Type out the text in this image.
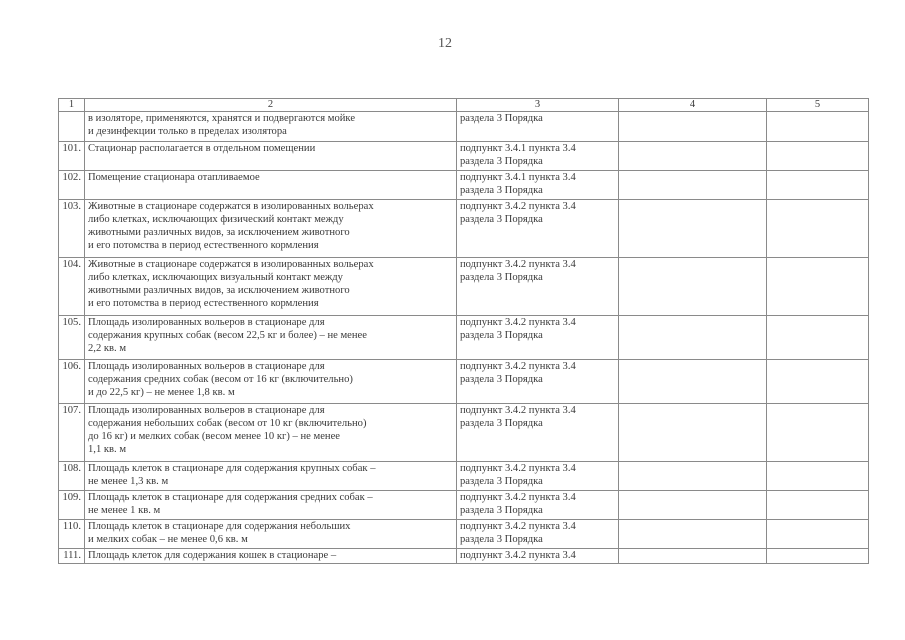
12
1	2	3	4	5
	в изоляторе, применяются, хранятся и подвергаются мойке
и дезинфекции только в пределах изолятора	раздела 3 Порядка		
101.	Стационар располагается в отдельном помещении	подпункт 3.4.1 пункта 3.4
раздела 3 Порядка		
102.	Помещение стационара отапливаемое	подпункт 3.4.1 пункта 3.4
раздела 3 Порядка		
103.	Животные в стационаре содержатся в изолированных вольерах
либо клетках, исключающих физический контакт между
животными различных видов, за исключением животного
и его потомства в период естественного кормления	подпункт 3.4.2 пункта 3.4
раздела 3 Порядка		
104.	Животные в стационаре содержатся в изолированных вольерах
либо клетках, исключающих визуальный контакт между
животными различных видов, за исключением животного
и его потомства в период естественного кормления	подпункт 3.4.2 пункта 3.4
раздела 3 Порядка		
105.	Площадь изолированных вольеров в стационаре для
содержания крупных собак (весом 22,5 кг и более) – не менее
2,2 кв. м	подпункт 3.4.2 пункта 3.4
раздела 3 Порядка		
106.	Площадь изолированных вольеров в стационаре для
содержания средних собак (весом от 16 кг (включительно)
и до 22,5 кг) – не менее 1,8 кв. м	подпункт 3.4.2 пункта 3.4
раздела 3 Порядка		
107.	Площадь изолированных вольеров в стационаре для
содержания небольших собак (весом от 10 кг (включительно)
до 16 кг) и мелких собак (весом менее 10 кг) – не менее
1,1 кв. м	подпункт 3.4.2 пункта 3.4
раздела 3 Порядка		
108.	Площадь клеток в стационаре для содержания крупных собак –
не менее 1,3 кв. м	подпункт 3.4.2 пункта 3.4
раздела 3 Порядка		
109.	Площадь клеток в стационаре для содержания средних собак –
не менее 1 кв. м	подпункт 3.4.2 пункта 3.4
раздела 3 Порядка		
110.	Площадь клеток в стационаре для содержания небольших
и мелких собак – не менее 0,6 кв. м	подпункт 3.4.2 пункта 3.4
раздела 3 Порядка		
111.	Площадь клеток для содержания кошек в стационаре –	подпункт 3.4.2 пункта 3.4		
